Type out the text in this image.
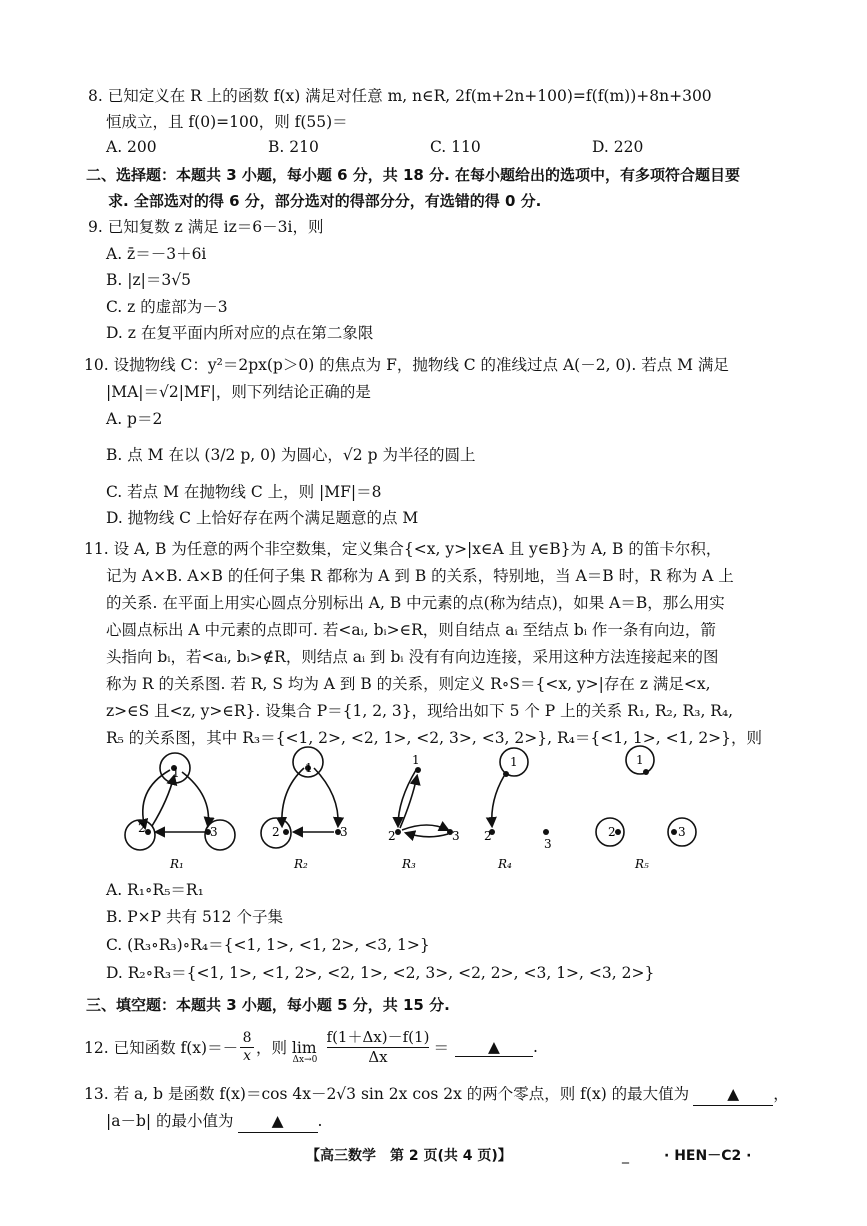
8. 已知定义在 R 上的函数 f(x) 满足对任意 m, n∈R, 2f(m+2n+100)=f(f(m))+8n+300
恒成立，且 f(0)=100，则 f(55)＝
A. 200	B. 210	C. 110	D. 220
二、选择题：本题共 3 小题，每小题 6 分，共 18 分. 在每小题给出的选项中，有多项符合题目要
求. 全部选对的得 6 分，部分选对的得部分分，有选错的得 0 分.
9. 已知复数 z 满足 iz＝6－3i，则
A. z̄＝－3＋6i
B. |z|＝3√5
C. z 的虚部为－3
D. z 在复平面内所对应的点在第二象限
10. 设抛物线 C：y²＝2px(p＞0) 的焦点为 F，抛物线 C 的准线过点 A(－2, 0). 若点 M 满足
|MA|＝√2|MF|，则下列结论正确的是
A. p＝2
B. 点 M 在以 (3/2 p, 0) 为圆心，√2 p 为半径的圆上
C. 若点 M 在抛物线 C 上，则 |MF|＝8
D. 抛物线 C 上恰好存在两个满足题意的点 M
11. 设 A, B 为任意的两个非空数集，定义集合{<x, y>|x∈A 且 y∈B}为 A, B 的笛卡尔积，
记为 A×B. A×B 的任何子集 R 都称为 A 到 B 的关系，特别地，当 A＝B 时，R 称为 A 上
的关系. 在平面上用实心圆点分别标出 A, B 中元素的点(称为结点)，如果 A＝B，那么用实
心圆点标出 A 中元素的点即可. 若<aᵢ, bᵢ>∈R，则自结点 aᵢ 至结点 bᵢ 作一条有向边，箭
头指向 bᵢ，若<aᵢ, bᵢ>∉R，则结点 aᵢ 到 bᵢ 没有有向边连接，采用这种方法连接起来的图
称为 R 的关系图. 若 R, S 均为 A 到 B 的关系，则定义 R∘S＝{<x, y>|存在 z 满足<x,
z>∈S 且<z, y>∈R}. 设集合 P＝{1, 2, 3}，现给出如下 5 个 P 上的关系 R₁, R₂, R₃, R₄,
R₅ 的关系图，其中 R₃＝{<1, 2>, <2, 1>, <2, 3>, <3, 2>}, R₄＝{<1, 1>, <1, 2>}，则
1
2	3
R₁
1
2	3
R₂
1
2	3
R₃
1
2
3
R₄
1
2	3
R₅
A. R₁∘R₅＝R₁
B. P×P 共有 512 个子集
C. (R₃∘R₃)∘R₄＝{<1, 1>, <1, 2>, <3, 1>}
D. R₂∘R₃＝{<1, 1>, <1, 2>, <2, 1>, <2, 3>, <2, 2>, <3, 1>, <3, 2>}
三、填空题：本题共 3 小题，每小题 5 分，共 15 分.
12. 已知函数 f(x)＝－
8
x ，则 lim
Δx→0
f(1＋Δx)－f(1)
Δx	＝	▲	.
13. 若 a, b 是函数 f(x)＝cos 4x－2√3 sin 2x cos 2x 的两个零点，则 f(x) 的最大值为 ▲ ，
|a－b| 的最小值为 ▲ .
【高三数学　第 2 页(共 4 页)】	_	· HEN－C2 ·
